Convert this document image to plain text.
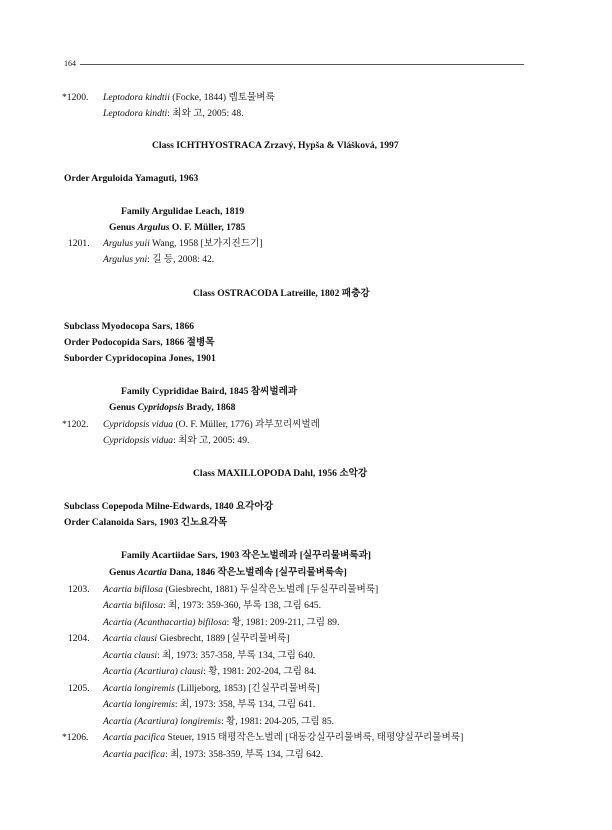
164
*1200. Leptodora kindtii (Focke, 1844) 렙토물벼룩
Leptodora kindti: 최와 고, 2005: 48.
Class ICHTHYOSTRACA Zrzavý, Hypša & Vlášková, 1997
Order Arguloida Yamaguti, 1963
Family Argulidae Leach, 1819
Genus Argulus O. F. Müller, 1785
1201. Argulus yuii Wang, 1958 [보가지진드기]
Argulus yni: 길 등, 2008: 42.
Class OSTRACODA Latreille, 1802 패충강
Subclass Myodocopa Sars, 1866
Order Podocopida Sars, 1866 절병목
Suborder Cypridocopina Jones, 1901
Family Cyprididae Baird, 1845 참씨벌레과
Genus Cypridopsis Brady, 1868
*1202. Cypridopsis vidua (O. F. Müller, 1776) 과부꼬리씨벌레
Cypridopsis vidua: 최와 고, 2005: 49.
Class MAXILLOPODA Dahl, 1956 소악강
Subclass Copepoda Milne-Edwards, 1840 요각아강
Order Calanoida Sars, 1903 긴노요각목
Family Acartiidae Sars, 1903 작은노벌레과 [실꾸리물벼룩과]
Genus Acartia Dana, 1846 작은노벌레속 [실꾸리물벼룩속]
1203. Acartia bifilosa (Giesbrecht, 1881) 두실작은노벌레 [두실꾸리물벼룩]
Acartia bifilosa: 최, 1973: 359-360, 부록 138, 그림 645.
Acartia (Acanthacartia) bifilosa: 황, 1981: 209-211, 그림 89.
1204. Acartia clausi Giesbrecht, 1889 [실꾸리물벼룩]
Acartia clausi: 최, 1973: 357-358, 부록 134, 그림 640.
Acartia (Acartiura) clausi: 황, 1981: 202-204, 그림 84.
1205. Acartia longiremis (Lilljeborg, 1853) [긴실꾸리물벼룩]
Acartia longiremis: 최, 1973: 358, 부록 134, 그림 641.
Acartia (Acartiura) longiremis: 황, 1981: 204-205, 그림 85.
*1206. Acartia pacifica Steuer, 1915 태평작은노벌레 [대동강실꾸리물벼룩, 태평양실꾸리물벼룩]
Acartia pacifica: 최, 1973: 358-359, 부록 134, 그림 642.
